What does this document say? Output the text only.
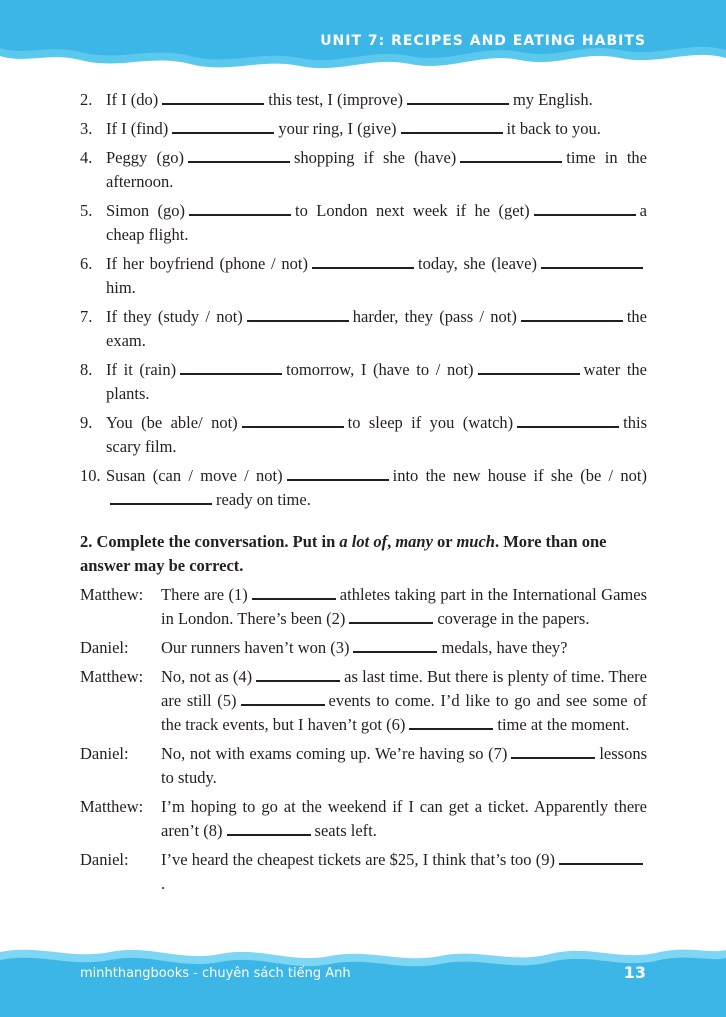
UNIT 7: RECIPES AND EATING HABITS
2. If I (do)	this test, I (improve)	my English.
3. If I (find)	your ring, I (give)	it back to you.
4. Peggy (go)	shopping if she (have)	time in the afternoon.
5. Simon (go)	to London next week if he (get)	a cheap flight.
6. If her boyfriend (phone / not)	today, she (leave)him.
7. If they (study / not)	harder, they (pass / not)	the exam.
8. If it (rain)	tomorrow, I (have to / not)	water the plants.
9. You (be able/ not)	to sleep if you (watch)	this scary film.
10. Susan (can / move / not)	into the new house if she (be / not)ready on time.
2. Complete the conversation. Put in a lot of, many or much. More than one answer may be correct.
Matthew:	There are (1)	athletes taking part in the International Games in London. There’s been (2)	coverage in the papers.
Daniel:	Our runners haven’t won (3)	medals, have they?
Matthew:	No, not as (4)	as last time. But there is plenty of time. There are still (5)	events to come. I’d like to go and see some of the track events, but I haven’t got (6)	time at the moment.
Daniel:	No, not with exams coming up. We’re having so (7)	lessons to study.
Matthew:	I’m hoping to go at the weekend if I can get a ticket. Apparently there aren’t (8)	seats left.
Daniel:	I’ve heard the cheapest tickets are $25, I think that’s too (9).
minhthangbooks - chuyên sách tiếng Anh	13
